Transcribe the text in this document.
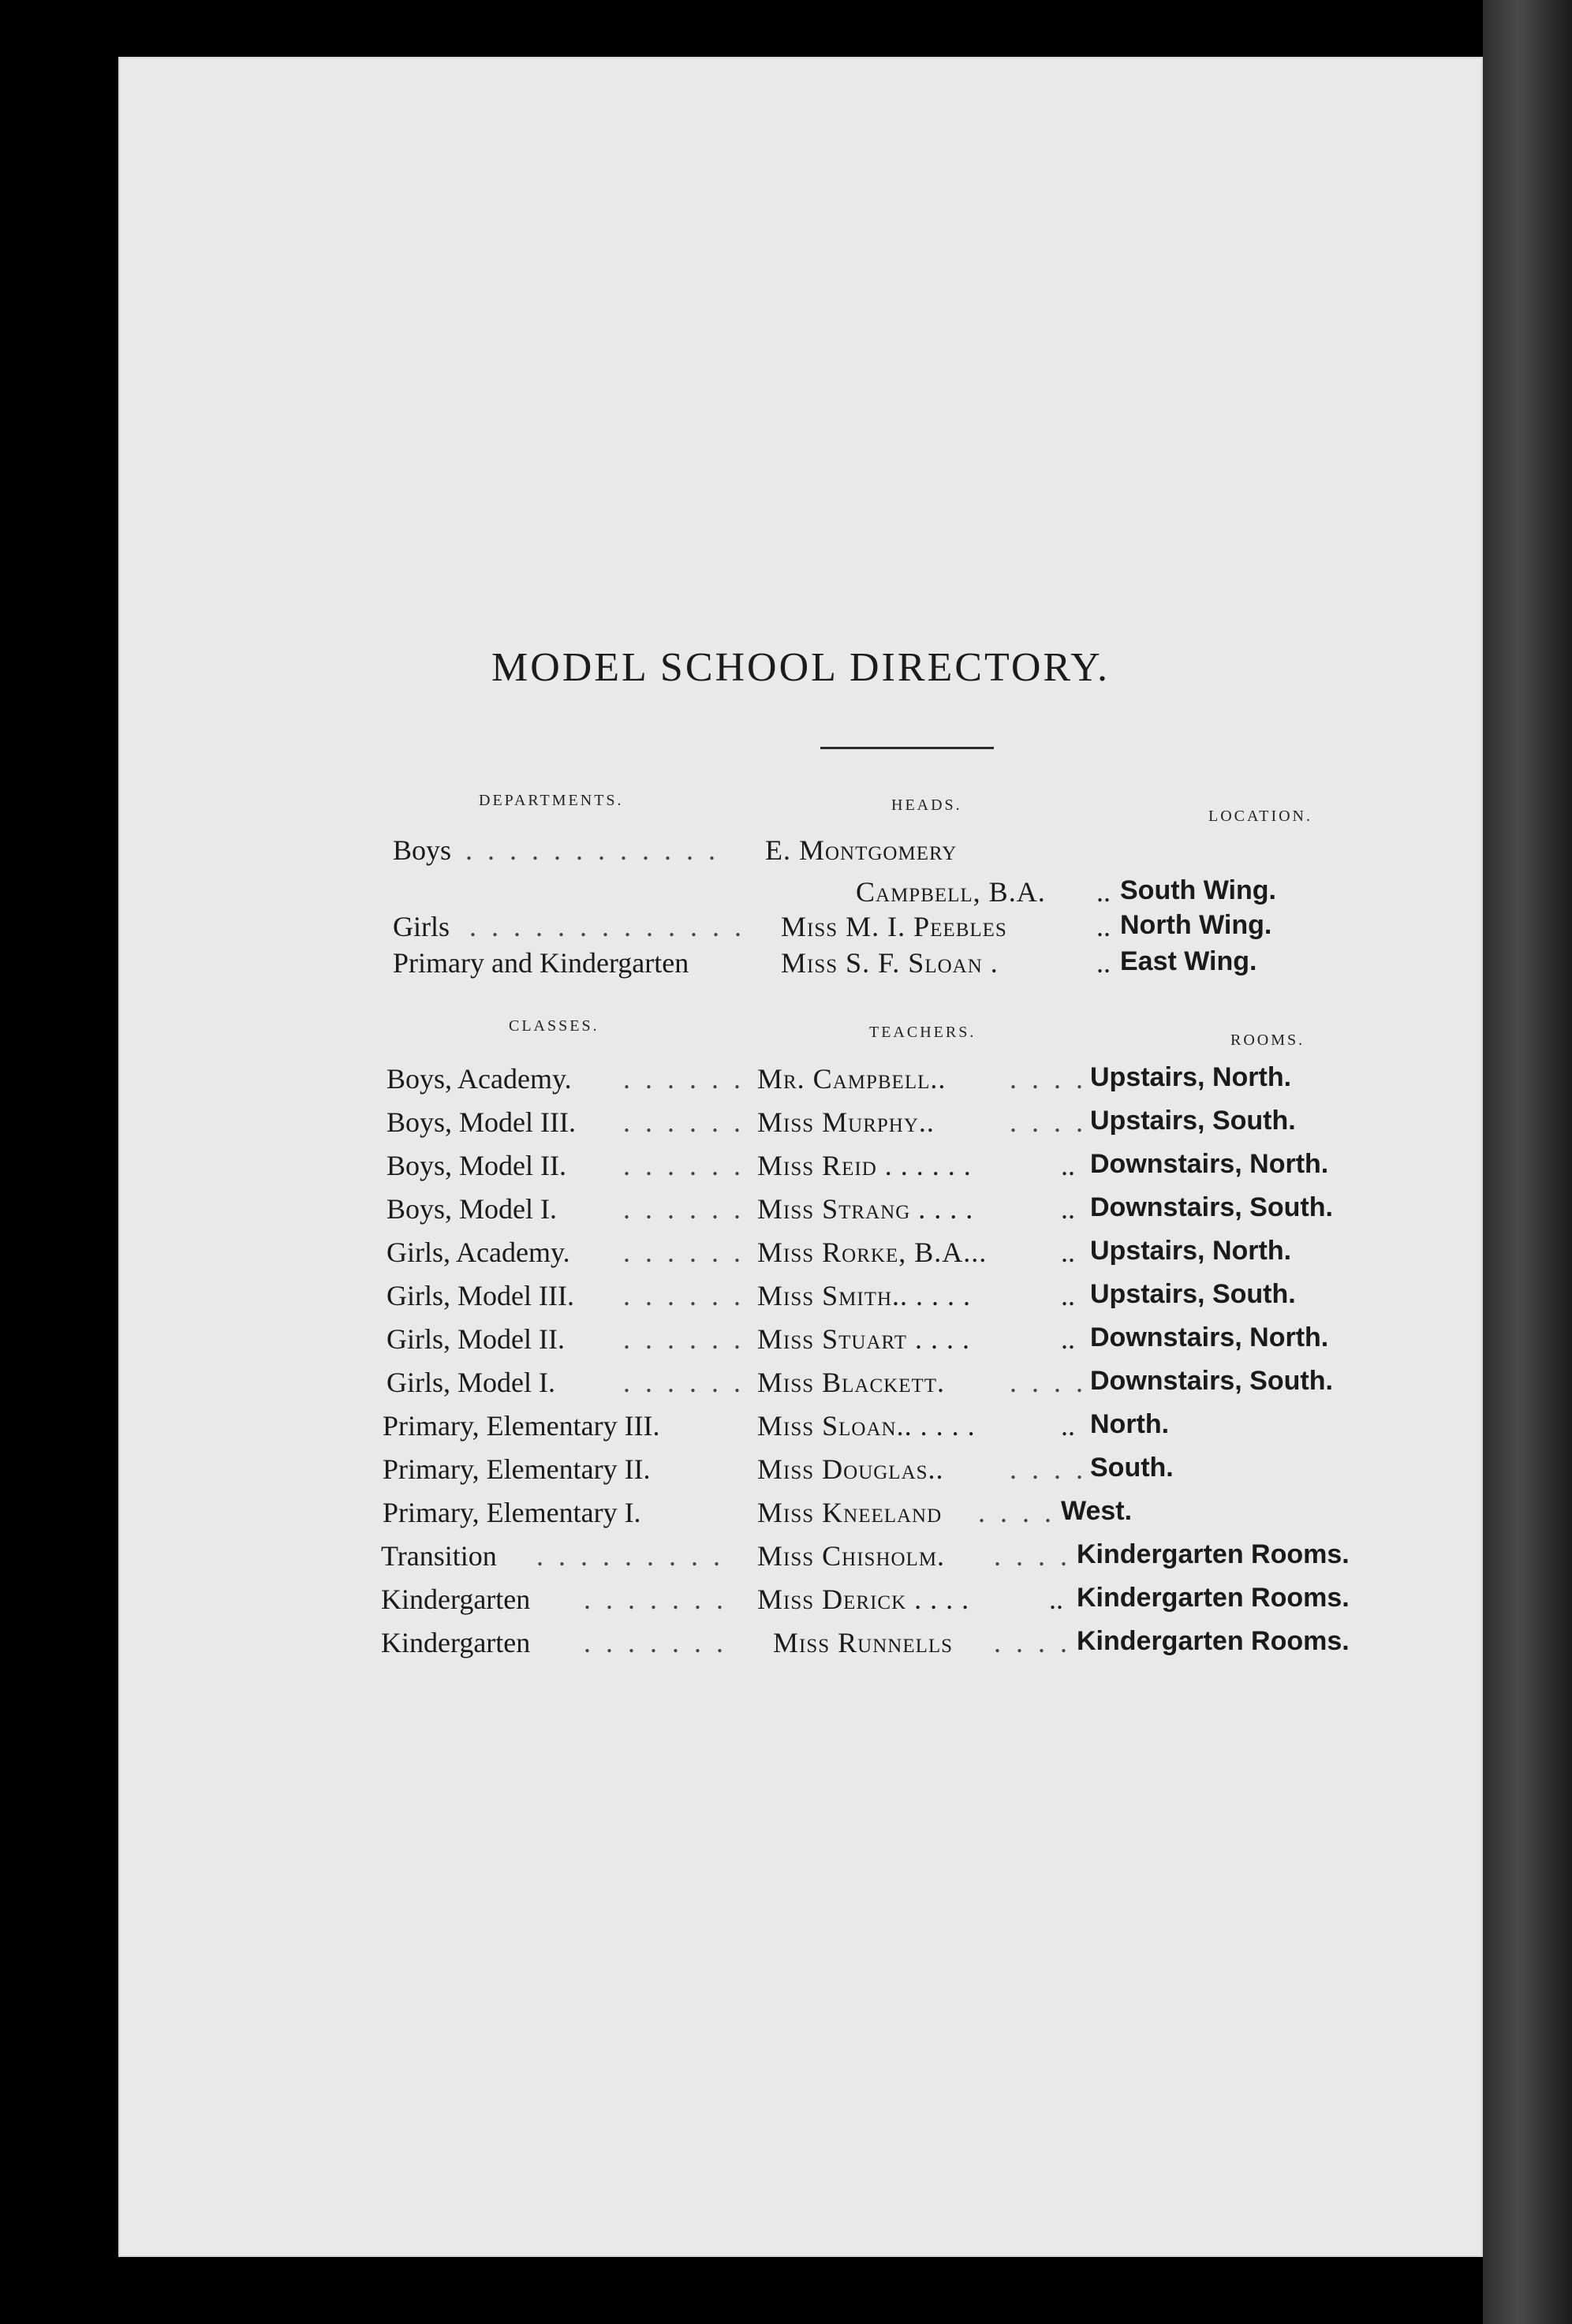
MODEL SCHOOL DIRECTORY.
DEPARTMENTS.	HEADS.
LOCATION.
Boys . . . . . . . . . . . . E. Montgomery
Campbell, B.A. .. South Wing.
Girls . . . . . . . . . . . . . Miss M. I. Peebles	.. North Wing.
Primary and Kindergarten	Miss S. F. Sloan .	.. East Wing.
CLASSES.	TEACHERS.	ROOMS.
Boys, Academy. . . . . . . Mr. Campbell.. . . . . Upstairs, North.
Boys, Model III. . . . . . . Miss Murphy..	. . . . Upstairs, South.
Boys, Model II. . . . . . . Miss Reid . . . . . .	.. Downstairs, North.
Boys, Model I. . . . . . . Miss Strang . . . .	.. Downstairs, South.
Girls, Academy. . . . . . . Miss Rorke, B.A...	.. Upstairs, North.
Girls, Model III. . . . . . . Miss Smith.. . . . .	.. Upstairs, South.
Girls, Model II. . . . . . . Miss Stuart . . . .	.. Downstairs, North.
Girls, Model I. . . . . . . Miss Blackett. . . . . Downstairs, South.
Primary, Elementary III.	Miss Sloan.. . . . .	.. North.
Primary, Elementary II.	Miss Douglas.. . . . . South.
Primary, Elementary I.	Miss Kneeland . . . . West.
Transition . . . . . . . . . Miss Chisholm. . . . . Kindergarten Rooms.
Kindergarten . . . . . . . Miss Derick . . . .	.. Kindergarten Rooms.
Kindergarten . . . . . . . Miss Runnells . . . . Kindergarten Rooms.
